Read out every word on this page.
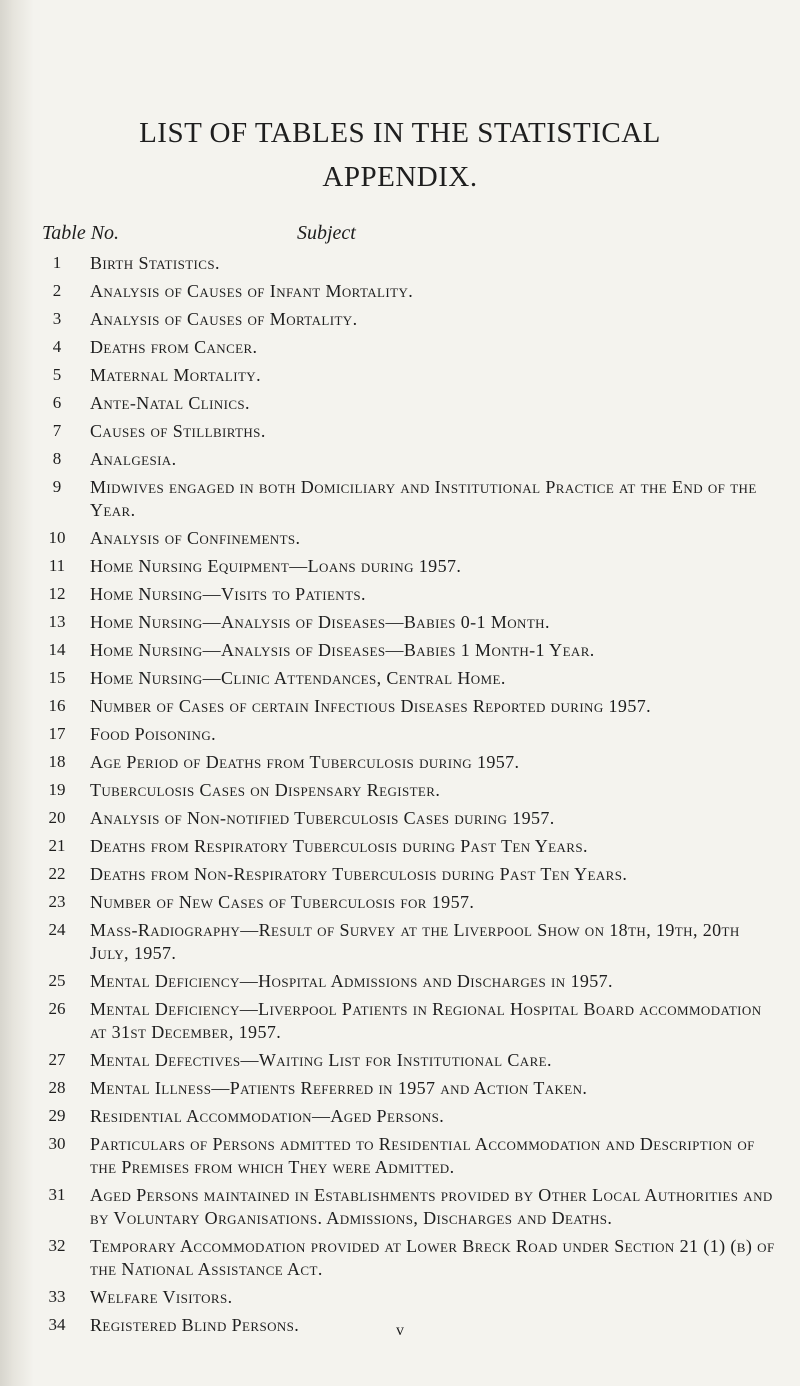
LIST OF TABLES IN THE STATISTICAL
APPENDIX.
Table No.	Subject
1	Birth Statistics.
2	Analysis of Causes of Infant Mortality.
3	Analysis of Causes of Mortality.
4	Deaths from Cancer.
5	Maternal Mortality.
6	Ante-Natal Clinics.
7	Causes of Stillbirths.
8	Analgesia.
9	Midwives engaged in both Domiciliary and Institutional Practice at the End of the Year.
10	Analysis of Confinements.
11	Home Nursing Equipment—Loans during 1957.
12	Home Nursing—Visits to Patients.
13	Home Nursing—Analysis of Diseases—Babies 0-1 Month.
14	Home Nursing—Analysis of Diseases—Babies 1 Month-1 Year.
15	Home Nursing—Clinic Attendances, Central Home.
16	Number of Cases of certain Infectious Diseases Reported during 1957.
17	Food Poisoning.
18	Age Period of Deaths from Tuberculosis during 1957.
19	Tuberculosis Cases on Dispensary Register.
20	Analysis of Non-notified Tuberculosis Cases during 1957.
21	Deaths from Respiratory Tuberculosis during Past Ten Years.
22	Deaths from Non-Respiratory Tuberculosis during Past Ten Years.
23	Number of New Cases of Tuberculosis for 1957.
24	Mass-Radiography—Result of Survey at the Liverpool Show on 18th, 19th, 20th July, 1957.
25	Mental Deficiency—Hospital Admissions and Discharges in 1957.
26	Mental Deficiency—Liverpool Patients in Regional Hospital Board accommodation at 31st December, 1957.
27	Mental Defectives—Waiting List for Institutional Care.
28	Mental Illness—Patients Referred in 1957 and Action Taken.
29	Residential Accommodation—Aged Persons.
30	Particulars of Persons admitted to Residential Accommodation and Description of the Premises from which They were Admitted.
31	Aged Persons maintained in Establishments provided by Other Local Authorities and by Voluntary Organisations. Admissions, Discharges and Deaths.
32	Temporary Accommodation provided at Lower Breck Road under Section 21 (1) (b) of the National Assistance Act.
33	Welfare Visitors.
34	Registered Blind Persons.	v
